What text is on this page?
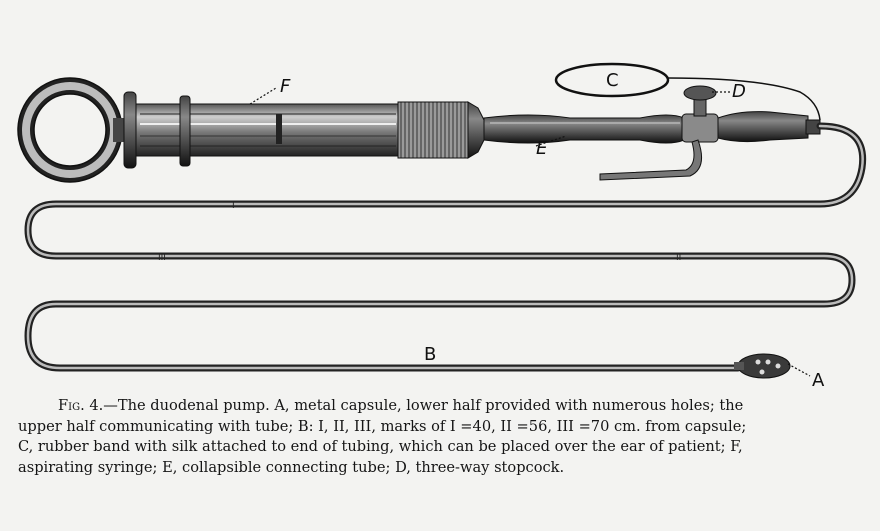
I
III	II
F	C
D
E
B
A
Fig. 4.—The duodenal pump. A, metal capsule, lower half provided with numerous holes; the
upper half communicating with tube; B: I, II, III, marks of I =40, II =56, III =70 cm. from capsule;
C, rubber band with silk attached to end of tubing, which can be placed over the ear of patient; F,
aspirating syringe; E, collapsible connecting tube; D, three-way stopcock.
